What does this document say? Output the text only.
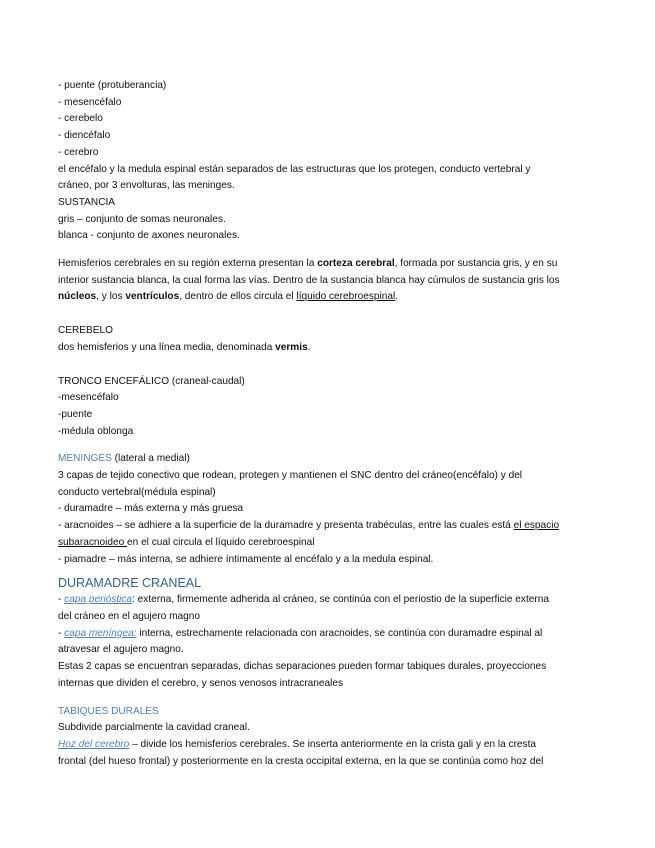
- puente (protuberancia)
- mesencéfalo
- cerebelo
- diencéfalo
- cerebro
el encéfalo y la medula espinal están separados de las estructuras que los protegen, conducto vertebral y
cráneo, por 3 envolturas, las meninges.
SUSTANCIA
gris – conjunto de somas neuronales.
blanca - conjunto de axones neuronales.
Hemisferios cerebrales en su región externa presentan la corteza cerebral, formada por sustancia gris, y en su
interior sustancia blanca, la cual forma las vías. Dentro de la sustancia blanca hay cúmulos de sustancia gris los
núcleos, y los ventrículos, dentro de ellos circula el líquido cerebroespinal.
CEREBELO
dos hemisferios y una línea media, denominada vermis.
TRONCO ENCEFÁLICO (craneal-caudal)
-mesencéfalo
-puente
-médula oblonga
MENINGES (lateral a medial)
3 capas de tejido conectivo que rodean, protegen y mantienen el SNC dentro del cráneo(encéfalo) y del
conducto vertebral(médula espinal)
- duramadre – más externa y más gruesa
- aracnoides – se adhiere a la superficie de la duramadre y presenta trabéculas, entre las cuales está el espacio
subaracnoideo en el cual circula el líquido cerebroespinal
- piamadre – más interna, se adhiere íntimamente al encéfalo y a la medula espinal.
DURAMADRE CRANEAL
- capa perióstica: externa, firmemente adherida al cráneo, se continúa con el periostio de la superficie externa
del cráneo en el agujero magno
- capa meníngea: interna, estrechamente relacionada con aracnoides, se continúa con duramadre espinal al
atravesar el agujero magno.
Estas 2 capas se encuentran separadas, dichas separaciones pueden formar tabiques durales, proyecciones
internas que dividen el cerebro, y senos venosos intracraneales
TABIQUES DURALES
Subdivide parcialmente la cavidad craneal.
Hoz del cerebro – divide los hemisferios cerebrales. Se inserta anteriormente en la crista gali y en la cresta
frontal (del hueso frontal) y posteriormente en la cresta occipital externa, en la que se continúa como hoz del
